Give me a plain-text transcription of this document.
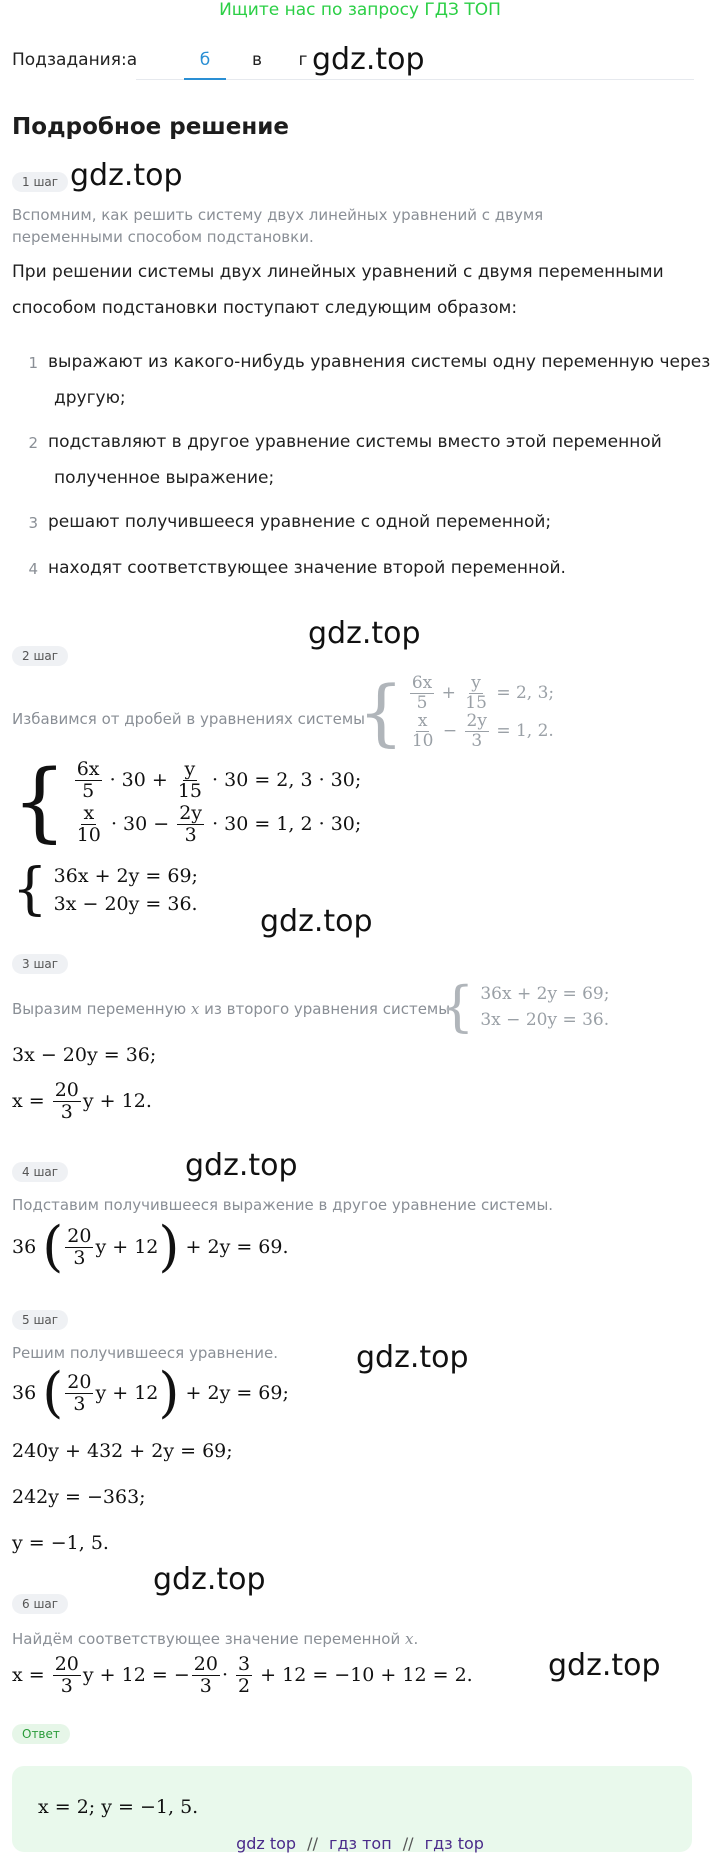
Ищите нас по запросу ГДЗ ТОП
Подзадания: а	б	в	г gdz.top
gdz.top
gdz.top
gdz.top
gdz.top
gdz.top
gdz.top
gdz.top
Подробное решение
1 шаг
Вспомним, как решить систему двух линейных уравнений с двумя переменными способом подстановки.
При решении системы двух линейных уравнений с двумя переменными
способом подстановки поступают следующим образом:
1 выражают из какого-нибудь уравнения системы одну переменную через
другую;
2 подставляют в другое уравнение системы вместо этой переменной
полученное выражение;
3 решают получившееся уравнение с одной переменной;
4 находят соответствующее значение второй переменной.
2 шаг
Избавимся от дробей в уравнениях системы
{ $\frac{6x}{5} + \frac{y}{15} = 2$, 3;
$\frac{x}{10} - \frac{2y}{3} = 1$, 2.
{ $\frac{6x}{5} \cdot 30 + \frac{y}{15} \cdot 30 = 2$, 3 · 30;
$\frac{x}{10} \cdot 30 - \frac{2y}{3} \cdot 30 = 1$, 2 · 30;
{ 36x + 2y = 69;
3x − 20y = 36.
3 шаг
Выразим переменную x из второго уравнения системы
{ 36x + 2y = 69;
3x − 20y = 36.
3x − 20y = 36;
$x = \frac{20}{3}$ y + 12.
4 шаг
Подставим получившееся выражение в другое уравнение системы.
36 ( $\frac{20}{3}$ y + 12 ) + 2y = 69.
5 шаг
Решим получившееся уравнение.
36 ( $\frac{20}{3}$ y + 12 ) + 2y = 69;
240y + 432 + 2y = 69;
242y = −363;
y = −1, 5.
6 шаг
Найдём соответствующее значение переменной x.
$x = \frac{20}{3}$ y + 12 = − $\frac{20}{3} \cdot \frac{3}{2} + 12 = -10 + 12 = 2$.
Ответ
x = 2; y = −1, 5.
gdz top // гдз топ // гдз top
